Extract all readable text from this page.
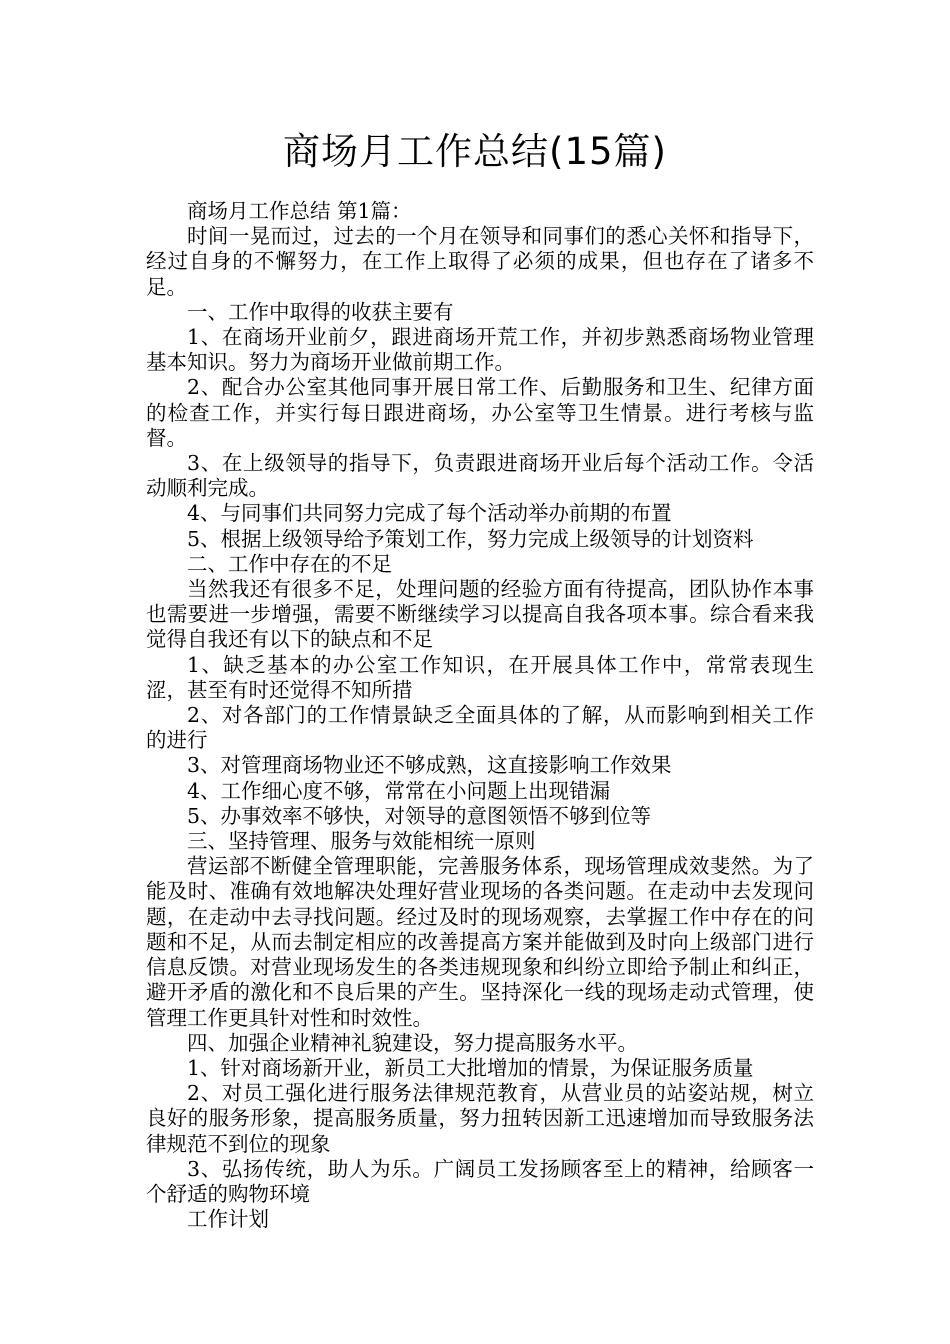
商场月工作总结(15篇)

商场月工作总结 第1篇：

时间一晃而过，过去的一个月在领导和同事们的悉心关怀和指导下，经过自身的不懈努力，在工作上取得了必须的成果，但也存在了诸多不足。

一、工作中取得的收获主要有

1、在商场开业前夕，跟进商场开荒工作，并初步熟悉商场物业管理基本知识。努力为商场开业做前期工作。

2、配合办公室其他同事开展日常工作、后勤服务和卫生、纪律方面的检查工作，并实行每日跟进商场，办公室等卫生情景。进行考核与监督。

3、在上级领导的指导下，负责跟进商场开业后每个活动工作。令活动顺利完成。

4、与同事们共同努力完成了每个活动举办前期的布置

5、根据上级领导给予策划工作，努力完成上级领导的计划资料

二、工作中存在的不足

当然我还有很多不足，处理问题的经验方面有待提高，团队协作本事也需要进一步增强，需要不断继续学习以提高自我各项本事。综合看来我觉得自我还有以下的缺点和不足

1、缺乏基本的办公室工作知识，在开展具体工作中，常常表现生涩，甚至有时还觉得不知所措

2、对各部门的工作情景缺乏全面具体的了解，从而影响到相关工作的进行

3、对管理商场物业还不够成熟，这直接影响工作效果

4、工作细心度不够，常常在小问题上出现错漏

5、办事效率不够快，对领导的意图领悟不够到位等

三、坚持管理、服务与效能相统一原则

营运部不断健全管理职能，完善服务体系，现场管理成效斐然。为了能及时、准确有效地解决处理好营业现场的各类问题。在走动中去发现问题，在走动中去寻找问题。经过及时的现场观察，去掌握工作中存在的问题和不足，从而去制定相应的改善提高方案并能做到及时向上级部门进行信息反馈。对营业现场发生的各类违规现象和纠纷立即给予制止和纠正，避开矛盾的激化和不良后果的产生。坚持深化一线的现场走动式管理，使管理工作更具针对性和时效性。

四、加强企业精神礼貌建设，努力提高服务水平。

1、针对商场新开业，新员工大批增加的情景，为保证服务质量

2、对员工强化进行服务法律规范教育，从营业员的站姿站规，树立良好的服务形象，提高服务质量，努力扭转因新工迅速增加而导致服务法律规范不到位的现象

3、弘扬传统，助人为乐。广阔员工发扬顾客至上的精神，给顾客一个舒适的购物环境

工作计划
